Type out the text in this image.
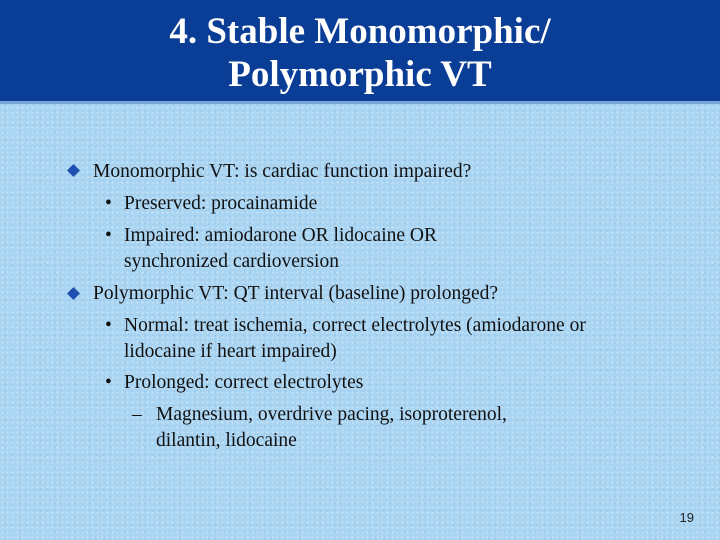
4. Stable Monomorphic/
Polymorphic VT
Monomorphic VT: is cardiac function impaired?
• Preserved: procainamide
• Impaired: amiodarone OR lidocaine OR
synchronized cardioversion
Polymorphic VT: QT interval (baseline) prolonged?
• Normal: treat ischemia, correct electrolytes (amiodarone or
lidocaine if heart impaired)
• Prolonged: correct electrolytes
– Magnesium, overdrive pacing, isoproterenol,
dilantin, lidocaine
19
